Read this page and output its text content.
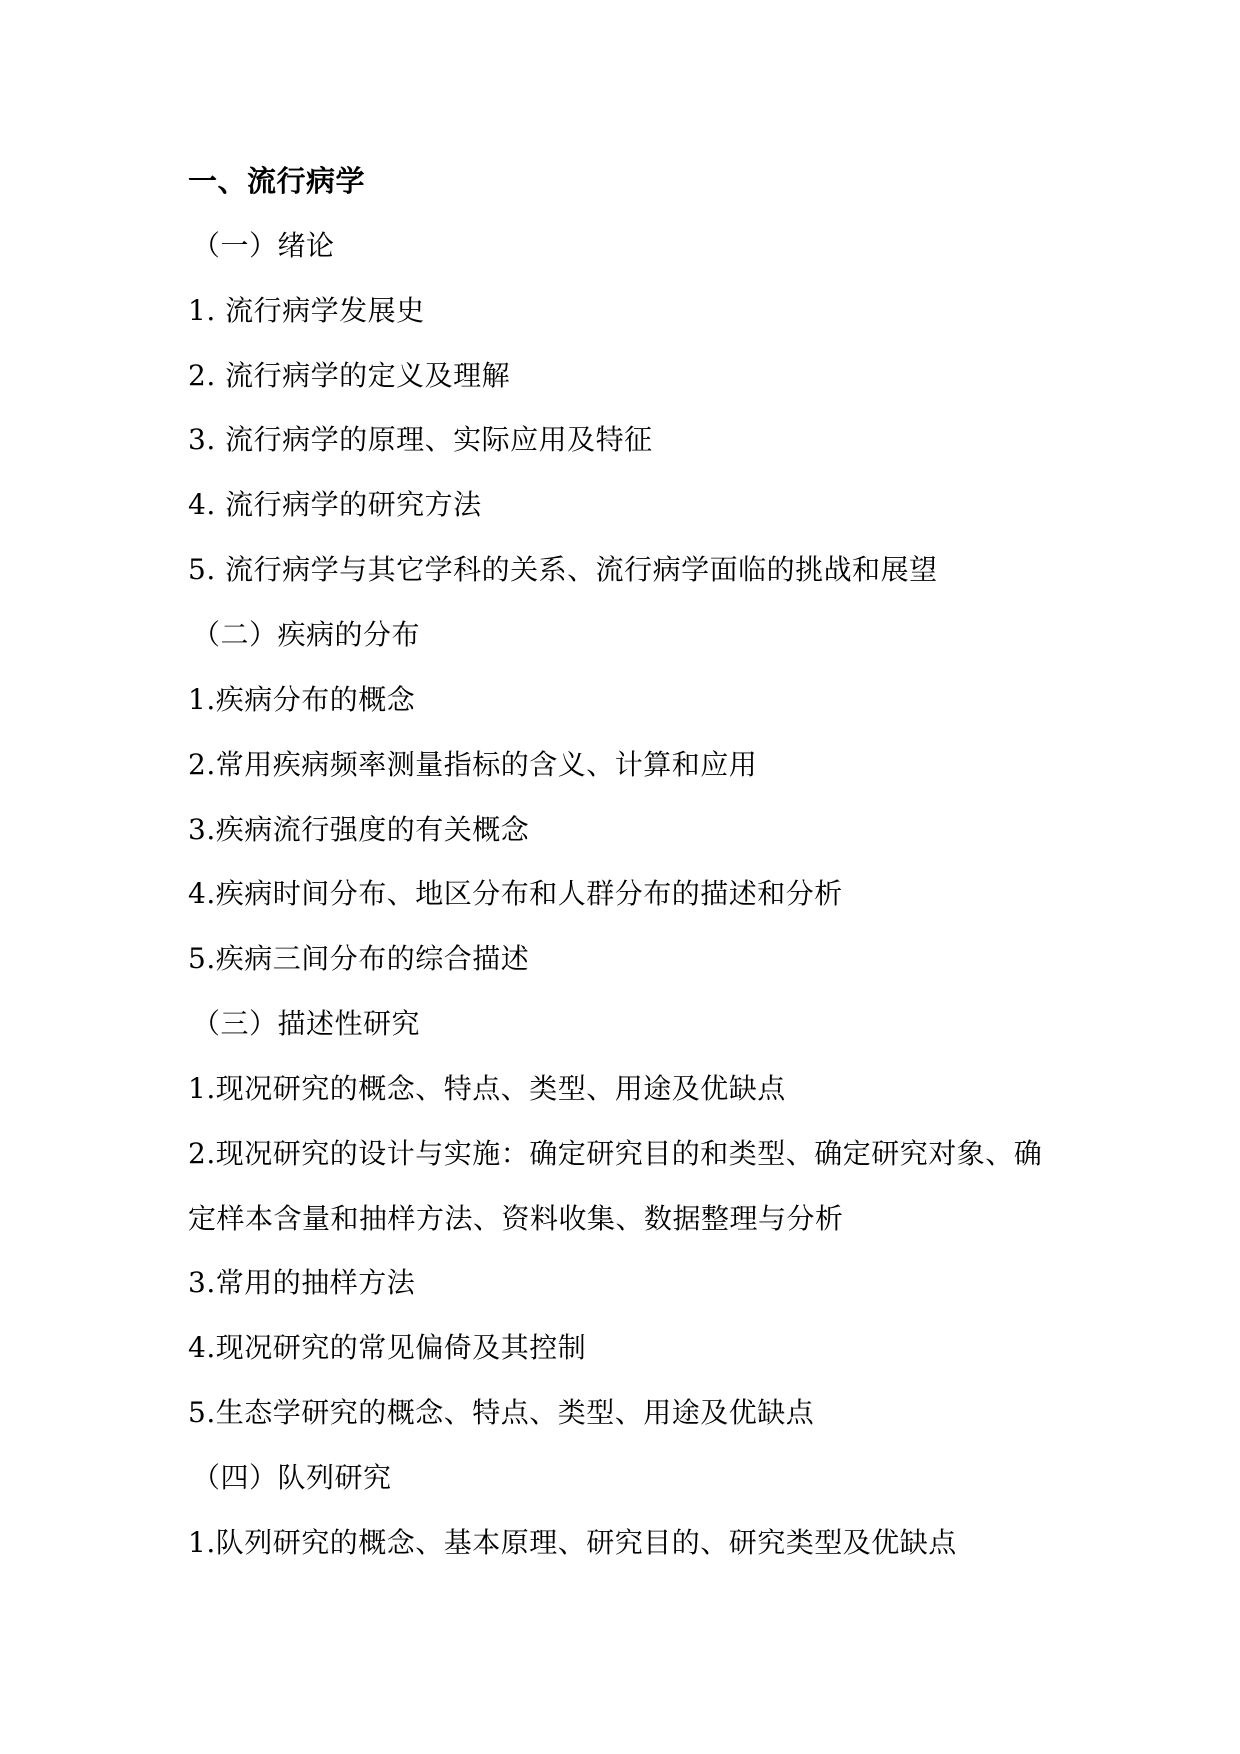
一、流行病学
（一）绪论
1. 流行病学发展史
2. 流行病学的定义及理解
3. 流行病学的原理、实际应用及特征
4. 流行病学的研究方法
5. 流行病学与其它学科的关系、流行病学面临的挑战和展望
（二）疾病的分布
1.疾病分布的概念
2.常用疾病频率测量指标的含义、计算和应用
3.疾病流行强度的有关概念
4.疾病时间分布、地区分布和人群分布的描述和分析
5.疾病三间分布的综合描述
（三）描述性研究
1.现况研究的概念、特点、类型、用途及优缺点
2.现况研究的设计与实施：确定研究目的和类型、确定研究对象、确
定样本含量和抽样方法、资料收集、数据整理与分析
3.常用的抽样方法
4.现况研究的常见偏倚及其控制
5.生态学研究的概念、特点、类型、用途及优缺点
（四）队列研究
1.队列研究的概念、基本原理、研究目的、研究类型及优缺点
